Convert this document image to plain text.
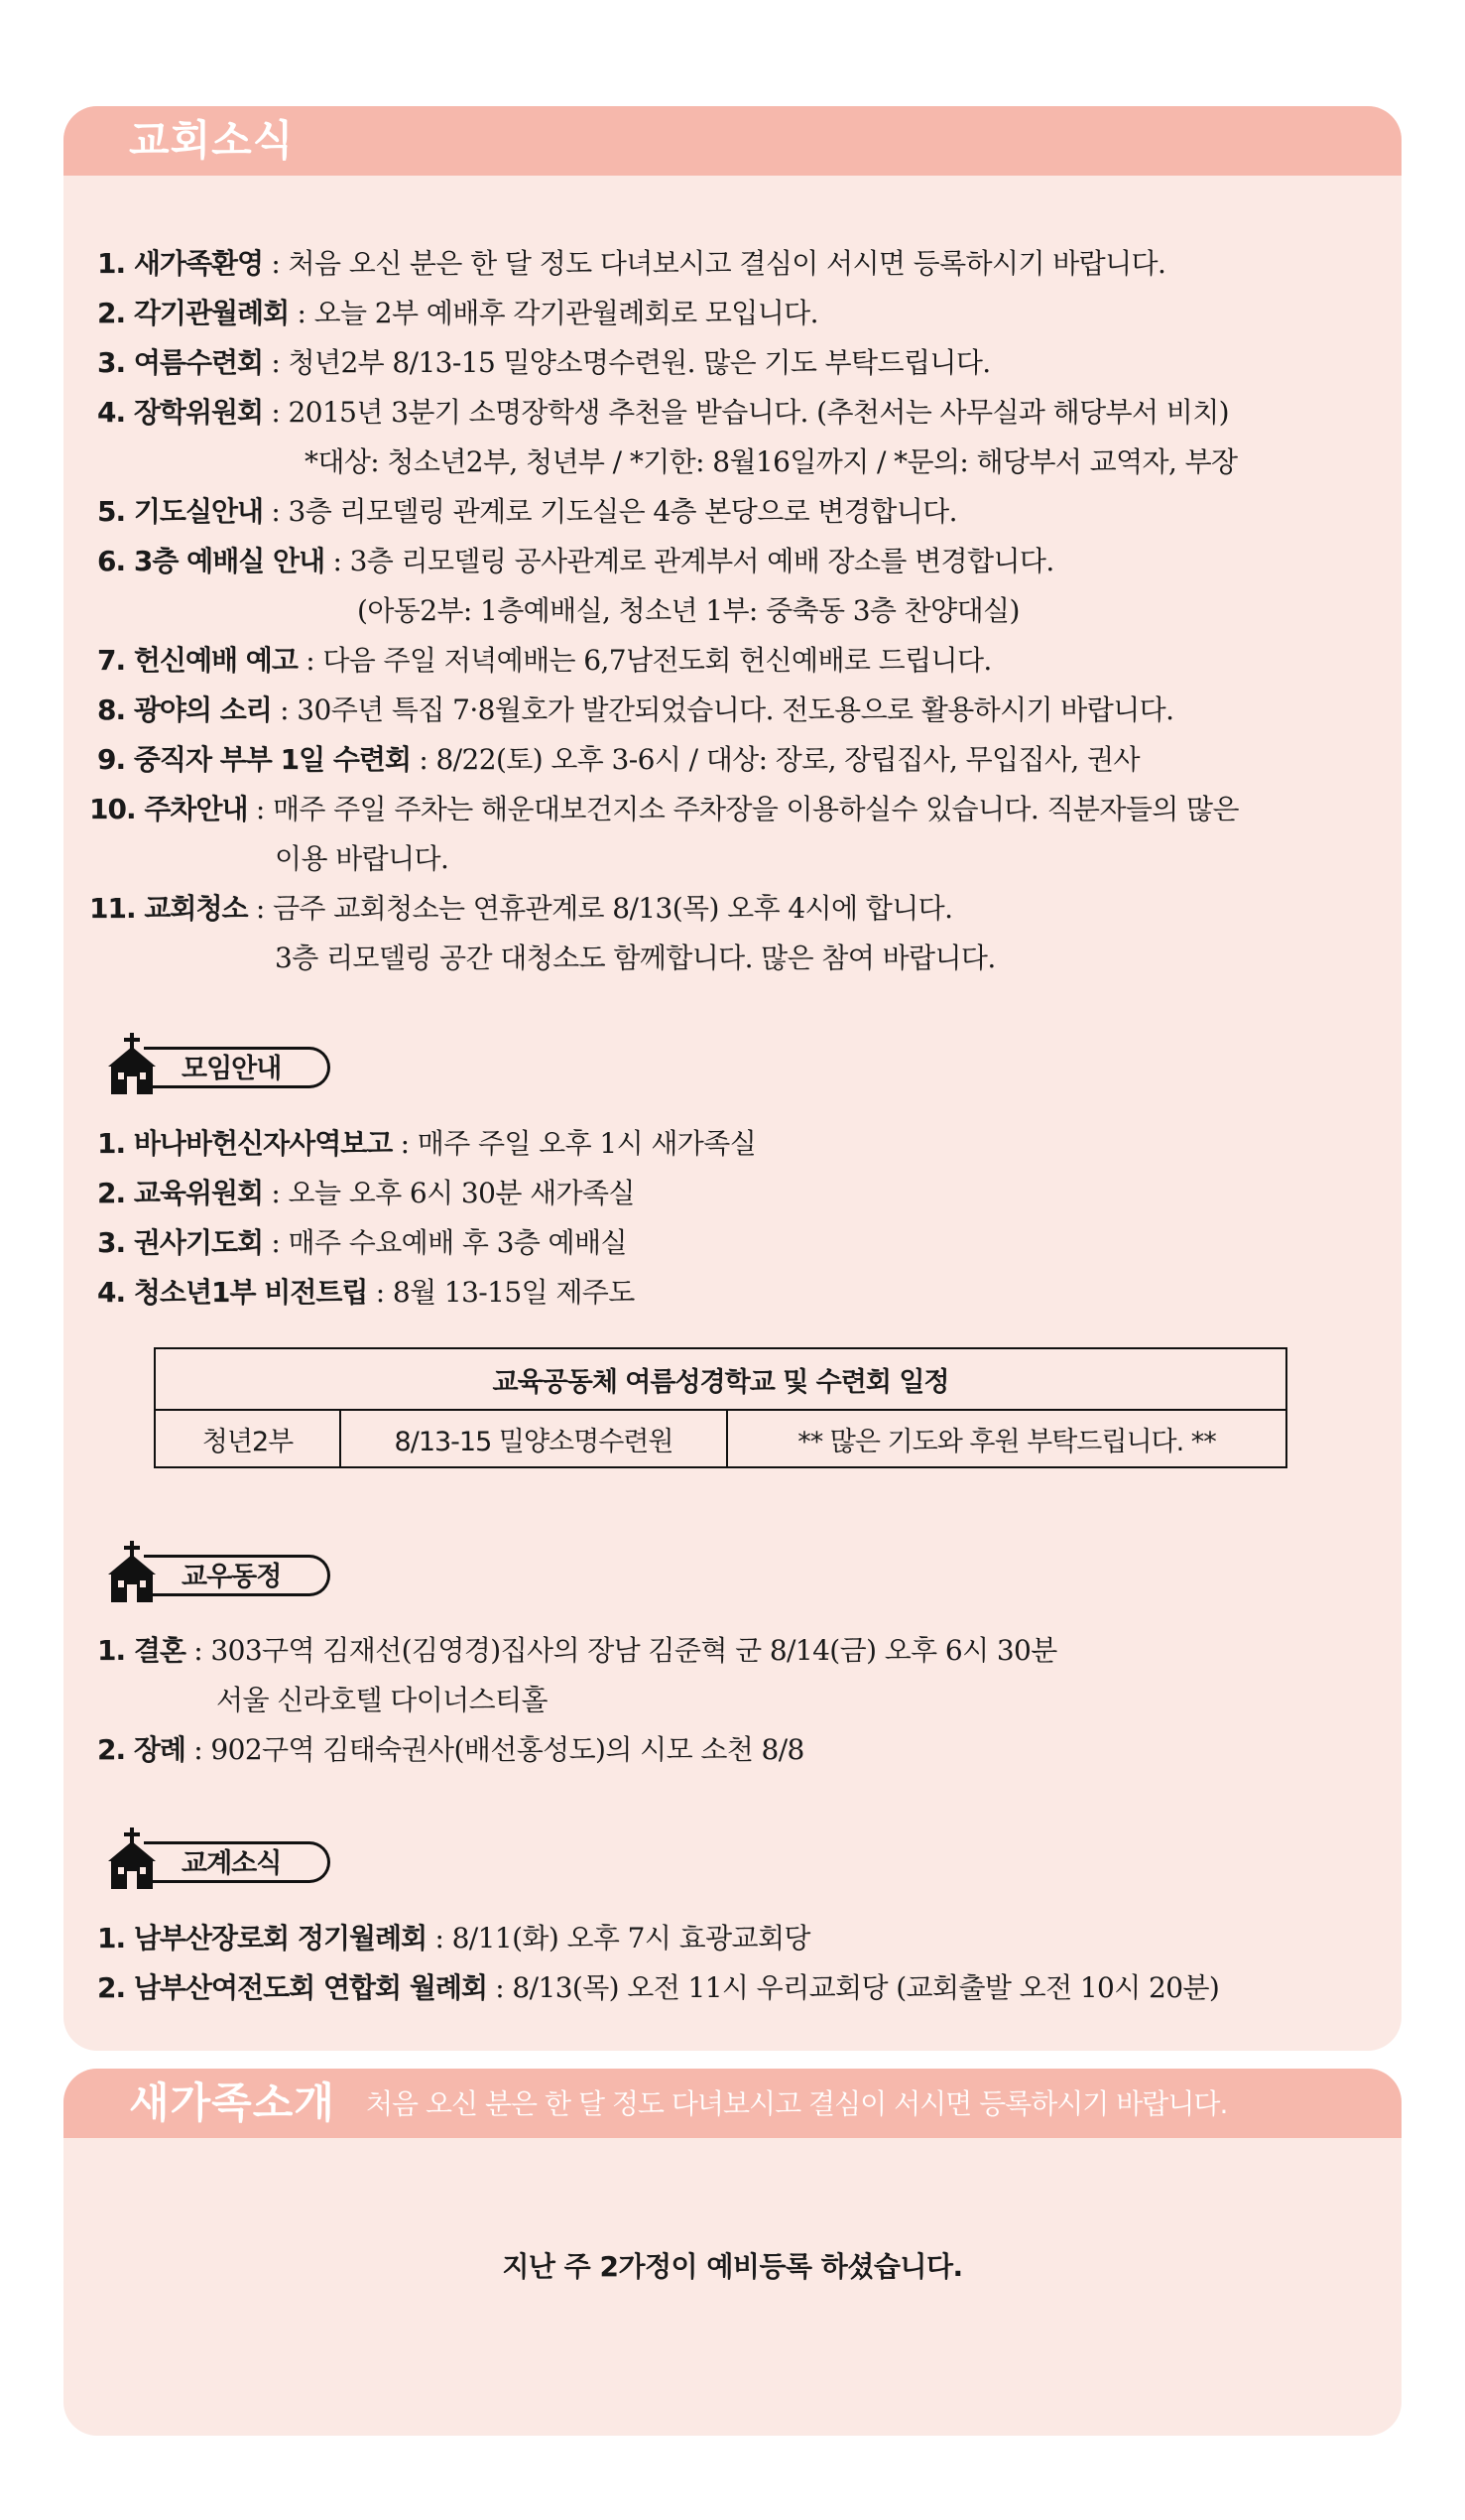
교회소식
1. 새가족환영 : 처음 오신 분은 한 달 정도 다녀보시고 결심이 서시면 등록하시기 바랍니다.
2. 각기관월례회 : 오늘 2부 예배후 각기관월례회로 모입니다.
3. 여름수련회 : 청년2부 8/13-15 밀양소명수련원. 많은 기도 부탁드립니다.
4. 장학위원회 : 2015년 3분기 소명장학생 추천을 받습니다. (추천서는 사무실과 해당부서 비치)
*대상: 청소년2부, 청년부 / *기한: 8월16일까지 / *문의: 해당부서 교역자, 부장
5. 기도실안내 : 3층 리모델링 관계로 기도실은 4층 본당으로 변경합니다.
6. 3층 예배실 안내 : 3층 리모델링 공사관계로 관계부서 예배 장소를 변경합니다.
(아동2부: 1층예배실, 청소년 1부: 중축동 3층 찬양대실)
7. 헌신예배 예고 : 다음 주일 저녁예배는 6,7남전도회 헌신예배로 드립니다.
8. 광야의 소리 : 30주년 특집 7·8월호가 발간되었습니다. 전도용으로 활용하시기 바랍니다.
9. 중직자 부부 1일 수련회 : 8/22(토) 오후 3-6시 / 대상: 장로, 장립집사, 무입집사, 권사
10. 주차안내 : 매주 주일 주차는 해운대보건지소 주차장을 이용하실수 있습니다. 직분자들의 많은
이용 바랍니다.
11. 교회청소 : 금주 교회청소는 연휴관계로 8/13(목) 오후 4시에 합니다.
3층 리모델링 공간 대청소도 함께합니다. 많은 참여 바랍니다.
모임안내
1. 바나바헌신자사역보고 : 매주 주일 오후 1시 새가족실
2. 교육위원회 : 오늘 오후 6시 30분 새가족실
3. 권사기도회 : 매주 수요예배 후 3층 예배실
4. 청소년1부 비전트립 : 8월 13-15일 제주도
교육공동체 여름성경학교 및 수련회 일정
청년2부	8/13-15 밀양소명수련원	** 많은 기도와 후원 부탁드립니다. **
교우동정
1. 결혼 : 303구역 김재선(김영경)집사의 장남 김준혁 군 8/14(금) 오후 6시 30분
서울 신라호텔 다이너스티홀
2. 장례 : 902구역 김태숙권사(배선홍성도)의 시모 소천 8/8
교계소식
1. 남부산장로회 정기월례회 : 8/11(화) 오후 7시 효광교회당
2. 남부산여전도회 연합회 월례회 : 8/13(목) 오전 11시 우리교회당 (교회출발 오전 10시 20분)
새가족소개 처음 오신 분은 한 달 정도 다녀보시고 결심이 서시면 등록하시기 바랍니다.
지난 주 2가정이 예비등록 하셨습니다.
